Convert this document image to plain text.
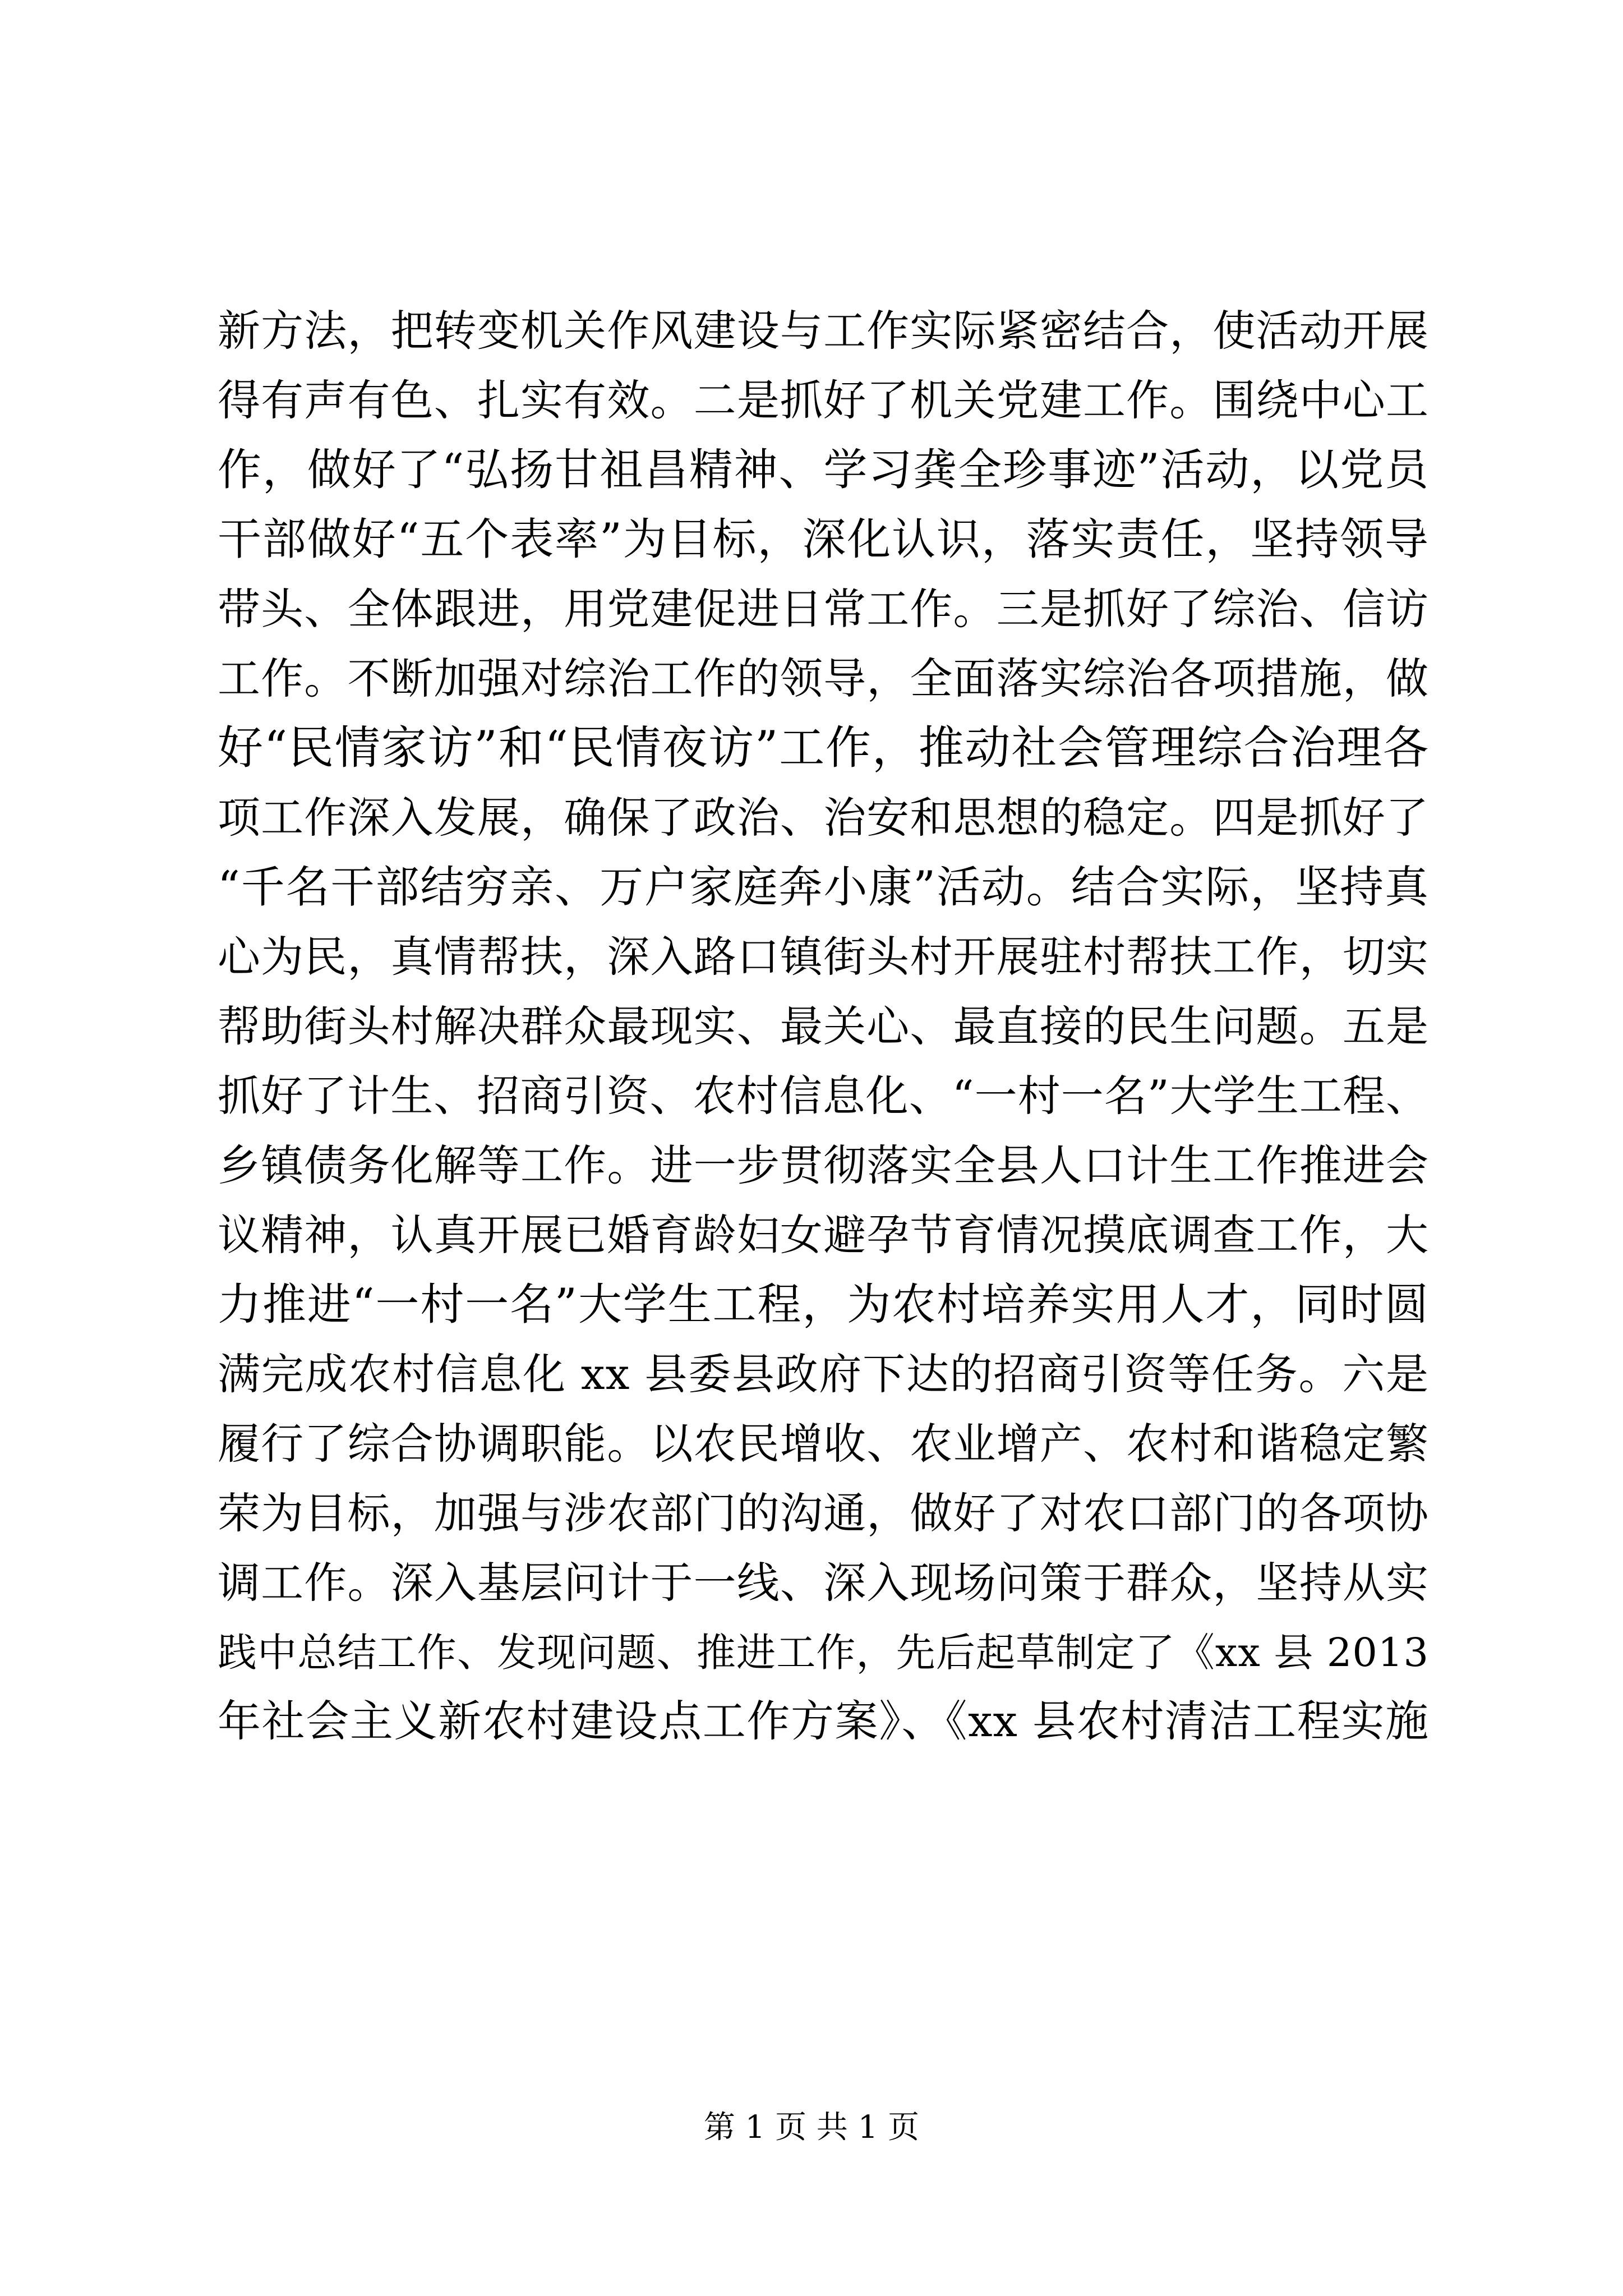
新方法，把转变机关作风建设与工作实际紧密结合，使活动开展
得有声有色、扎实有效。二是抓好了机关党建工作。围绕中心工
作，做好了“弘扬甘祖昌精神、学习龚全珍事迹”活动，以党员
干部做好“五个表率”为目标，深化认识，落实责任，坚持领导
带头、全体跟进，用党建促进日常工作。三是抓好了综治、信访
工作。不断加强对综治工作的领导，全面落实综治各项措施，做
好“民情家访”和“民情夜访”工作，推动社会管理综合治理各
项工作深入发展，确保了政治、治安和思想的稳定。四是抓好了
“千名干部结穷亲、万户家庭奔小康”活动。结合实际，坚持真
心为民，真情帮扶，深入路口镇街头村开展驻村帮扶工作，切实
帮助街头村解决群众最现实、最关心、最直接的民生问题。五是
抓好了计生、招商引资、农村信息化、“一村一名”大学生工程、
乡镇债务化解等工作。进一步贯彻落实全县人口计生工作推进会
议精神，认真开展已婚育龄妇女避孕节育情况摸底调查工作，大
力推进“一村一名”大学生工程，为农村培养实用人才，同时圆
满完成农村信息化 xx 县委县政府下达的招商引资等任务。六是
履行了综合协调职能。以农民增收、农业增产、农村和谐稳定繁
荣为目标，加强与涉农部门的沟通，做好了对农口部门的各项协
调工作。深入基层问计于一线、深入现场问策于群众，坚持从实
践中总结工作、发现问题、推进工作，先后起草制定了《xx 县 2013
年社会主义新农村建设点工作方案》、《xx 县农村清洁工程实施
第 1 页 共 1 页
